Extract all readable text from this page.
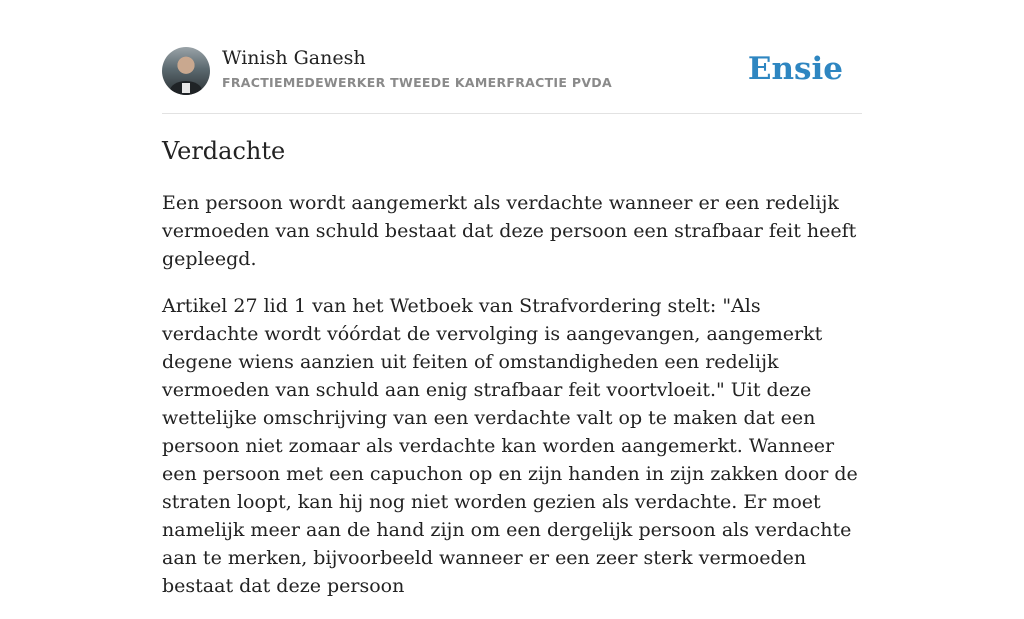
Winish Ganesh
FRACTIEMEDEWERKER TWEEDE KAMERFRACTIE PVDA	Ensie
Verdachte

Een persoon wordt aangemerkt als verdachte wanneer er een redelijk vermoeden van schuld bestaat dat deze persoon een strafbaar feit heeft gepleegd.

Artikel 27 lid 1 van het Wetboek van Strafvordering stelt: "Als verdachte wordt vóórdat de vervolging is aangevangen, aangemerkt degene wiens aanzien uit feiten of omstandigheden een redelijk vermoeden van schuld aan enig strafbaar feit voortvloeit." Uit deze wettelijke omschrijving van een verdachte valt op te maken dat een persoon niet zomaar als verdachte kan worden aangemerkt. Wanneer een persoon met een capuchon op en zijn handen in zijn zakken door de straten loopt, kan hij nog niet worden gezien als verdachte. Er moet namelijk meer aan de hand zijn om een dergelijk persoon als verdachte aan te merken, bijvoorbeeld wanneer er een zeer sterk vermoeden bestaat dat deze persoon
